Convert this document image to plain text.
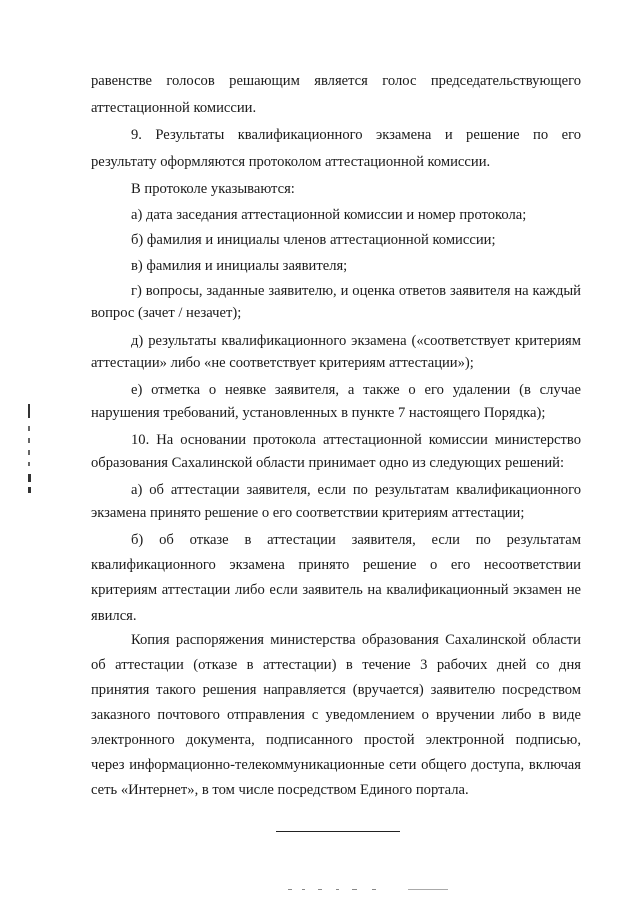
равенстве голосов решающим является голос председательствующего
аттестационной комиссии.
9. Результаты квалификационного экзамена и решение по его
результату оформляются протоколом аттестационной комиссии.
В протоколе указываются:
а) дата заседания аттестационной комиссии и номер протокола;
б) фамилия и инициалы членов аттестационной комиссии;
в) фамилия и инициалы заявителя;
г) вопросы, заданные заявителю, и оценка ответов заявителя на каждый
вопрос (зачет / незачет);
д) результаты квалификационного экзамена («соответствует критериям
аттестации» либо «не соответствует критериям аттестации»);
е) отметка о неявке заявителя, а также о его удалении (в случае
нарушения требований, установленных в пункте 7 настоящего Порядка);
10. На основании протокола аттестационной комиссии министерство
образования Сахалинской области принимает одно из следующих решений:
а) об аттестации заявителя, если по результатам квалификационного
экзамена принято решение о его соответствии критериям аттестации;
б) об отказе в аттестации заявителя, если по результатам
квалификационного экзамена принято решение о его несоответствии
критериям аттестации либо если заявитель на квалификационный экзамен не
явился.
Копия распоряжения министерства образования Сахалинской области
об аттестации (отказе в аттестации) в течение 3 рабочих дней со дня
принятия такого решения направляется (вручается) заявителю посредством
заказного почтового отправления с уведомлением о вручении либо в виде
электронного документа, подписанного простой электронной подписью,
через информационно-телекоммуникационные сети общего доступа, включая
сеть «Интернет», в том числе посредством Единого портала.
